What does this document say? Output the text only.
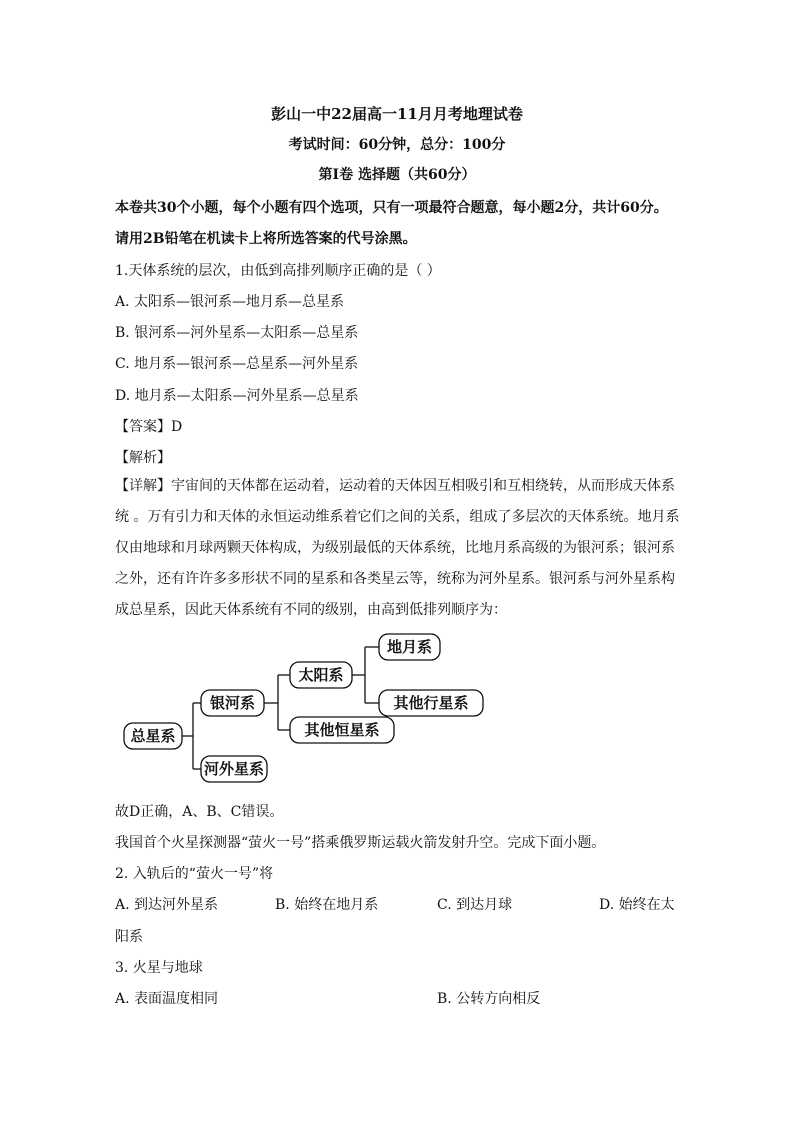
彭山一中22届高一11月月考地理试卷
考试时间：60分钟，总分：100分
第Ⅰ卷 选择题（共60分）
本卷共30个小题，每个小题有四个选项，只有一项最符合题意，每小题2分，共计60分。
请用2B铅笔在机读卡上将所选答案的代号涂黑。
1.天体系统的层次，由低到高排列顺序正确的是（ ）
A. 太阳系—银河系—地月系—总星系
B. 银河系—河外星系—太阳系—总星系
C. 地月系—银河系—总星系—河外星系
D. 地月系—太阳系—河外星系—总星系
【答案】D
【解析】
【详解】宇宙间的天体都在运动着，运动着的天体因互相吸引和互相绕转，从而形成天体系
统 。万有引力和天体的永恒运动维系着它们之间的关系，组成了多层次的天体系统。地月系
仅由地球和月球两颗天体构成，为级别最低的天体系统，比地月系高级的为银河系；银河系
之外，还有许许多多形状不同的星系和各类星云等，统称为河外星系。银河系与河外星系构
成总星系，因此天体系统有不同的级别，由高到低排列顺序为：
总星系
银河系
河外星系
太阳系
其他恒星系
地月系
其他行星系
故D正确，A、B、C错误。
我国首个火星探测器“萤火一号”搭乘俄罗斯运载火箭发射升空。完成下面小题。
2. 入轨后的“萤火一号”将
A. 到达河外星系	B. 始终在地月系	C. 到达月球	D. 始终在太
阳系
3. 火星与地球
A. 表面温度相同	B. 公转方向相反
